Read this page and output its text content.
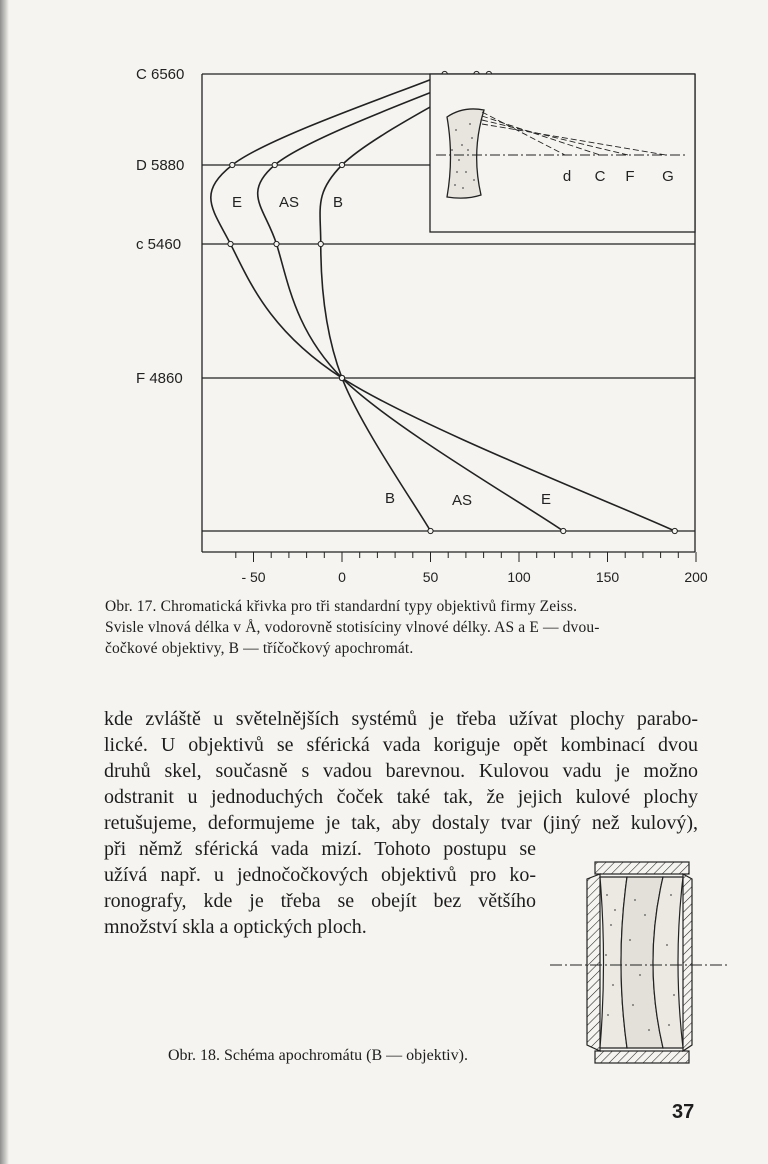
C 6560
D 5880
c 5460
F 4860
- 50	0	50	100	150	200
E
E
AS
AS
B
B
d C F G
Obr. 17. Chromatická křivka pro tři standardní typy objektivů firmy Zeiss.
Svisle vlnová délka v Å, vodorovně stotisíciny vlnové délky. AS a E — dvou-
čočkové objektivy, B — tříčočkový apochromát.
kde zvláště u světelnějších systémů je třeba užívat plochy parabo-
lické. U objektivů se sférická vada koriguje opět kombinací dvou
druhů skel, současně s vadou barevnou. Kulovou vadu je možno
odstranit u jednoduchých čoček také tak, že jejich kulové plochy
retušujeme, deformujeme je tak, aby dostaly tvar (jiný než kulový),
při němž sférická vada mizí. Tohoto postupu se
užívá např. u jednočočkových objektivů pro ko-
ronografy, kde je třeba se obejít bez většího
množství skla a optických ploch.
Obr. 18. Schéma apochromátu (B — objektiv).
37
